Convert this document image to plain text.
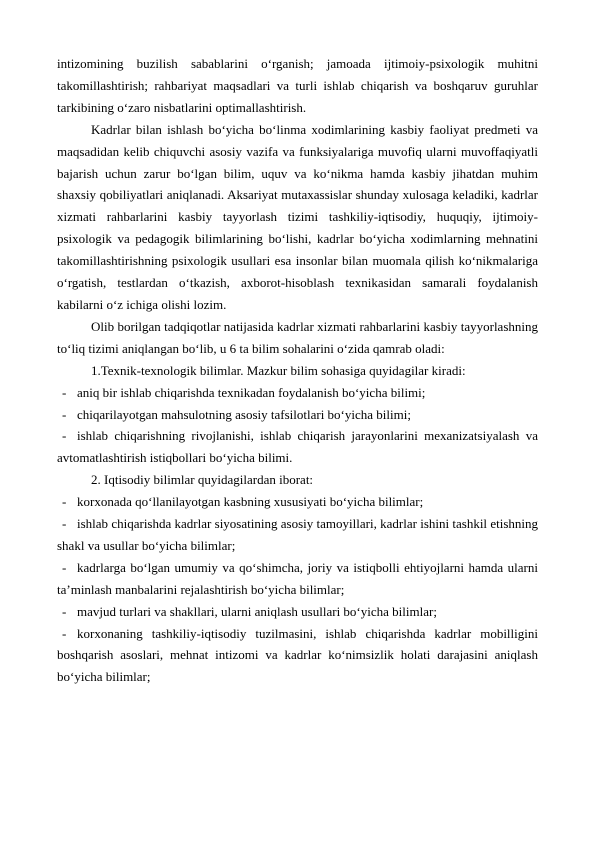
intizomining buzilish sabablarini o‘rganish; jamoada ijtimoiy-psixologik muhitni takomillashtirish; rahbariyat maqsadlari va turli ishlab chiqarish va boshqaruv guruhlar tarkibining o‘zaro nisbatlarini optimallashtirish.

Kadrlar bilan ishlash bo‘yicha bo‘linma xodimlarining kasbiy faoliyat predmeti va maqsadidan kelib chiquvchi asosiy vazifa va funksiyalariga muvofiq ularni muvoffaqiyatli bajarish uchun zarur bo‘lgan bilim, uquv va ko‘nikma hamda kasbiy jihatdan muhim shaxsiy qobiliyatlari aniqlanadi. Aksariyat mutaxassislar shunday xulosaga keladiki, kadrlar xizmati rahbarlarini kasbiy tayyorlash tizimi tashkiliy-iqtisodiy, huquqiy, ijtimoiy-psixologik va pedagogik bilimlarining bo‘lishi, kadrlar bo‘yicha xodimlarning mehnatini takomillashtirishning psixologik usullari esa insonlar bilan muomala qilish ko‘nikmalariga o‘rgatish, testlardan o‘tkazish, axborot-hisoblash texnikasidan samarali foydalanish kabilarni o‘z ichiga olishi lozim.

Olib borilgan tadqiqotlar natijasida kadrlar xizmati rahbarlarini kasbiy tayyorlashning to‘liq tizimi aniqlangan bo‘lib, u 6 ta bilim sohalarini o‘zida qamrab oladi:

1.Texnik-texnologik bilimlar. Mazkur bilim sohasiga quyidagilar kiradi:

- aniq bir ishlab chiqarishda texnikadan foydalanish bo‘yicha bilimi;

- chiqarilayotgan mahsulotning asosiy tafsilotlari bo‘yicha bilimi;

- ishlab chiqarishning rivojlanishi, ishlab chiqarish jarayonlarini mexanizatsiyalash va avtomatlashtirish istiqbollari bo‘yicha bilimi.

2. Iqtisodiy bilimlar quyidagilardan iborat:

- korxonada qo‘llanilayotgan kasbning xususiyati bo‘yicha bilimlar;

- ishlab chiqarishda kadrlar siyosatining asosiy tamoyillari, kadrlar ishini tashkil etishning shakl va usullar bo‘yicha bilimlar;

- kadrlarga bo‘lgan umumiy va qo‘shimcha, joriy va istiqbolli ehtiyojlarni hamda ularni ta’minlash manbalarini rejalashtirish bo‘yicha bilimlar;

- mavjud turlari va shakllari, ularni aniqlash usullari bo‘yicha bilimlar;

- korxonaning tashkiliy-iqtisodiy tuzilmasini, ishlab chiqarishda kadrlar mobilligini boshqarish asoslari, mehnat intizomi va kadrlar ko‘nimsizlik holati darajasini aniqlash bo‘yicha bilimlar;
